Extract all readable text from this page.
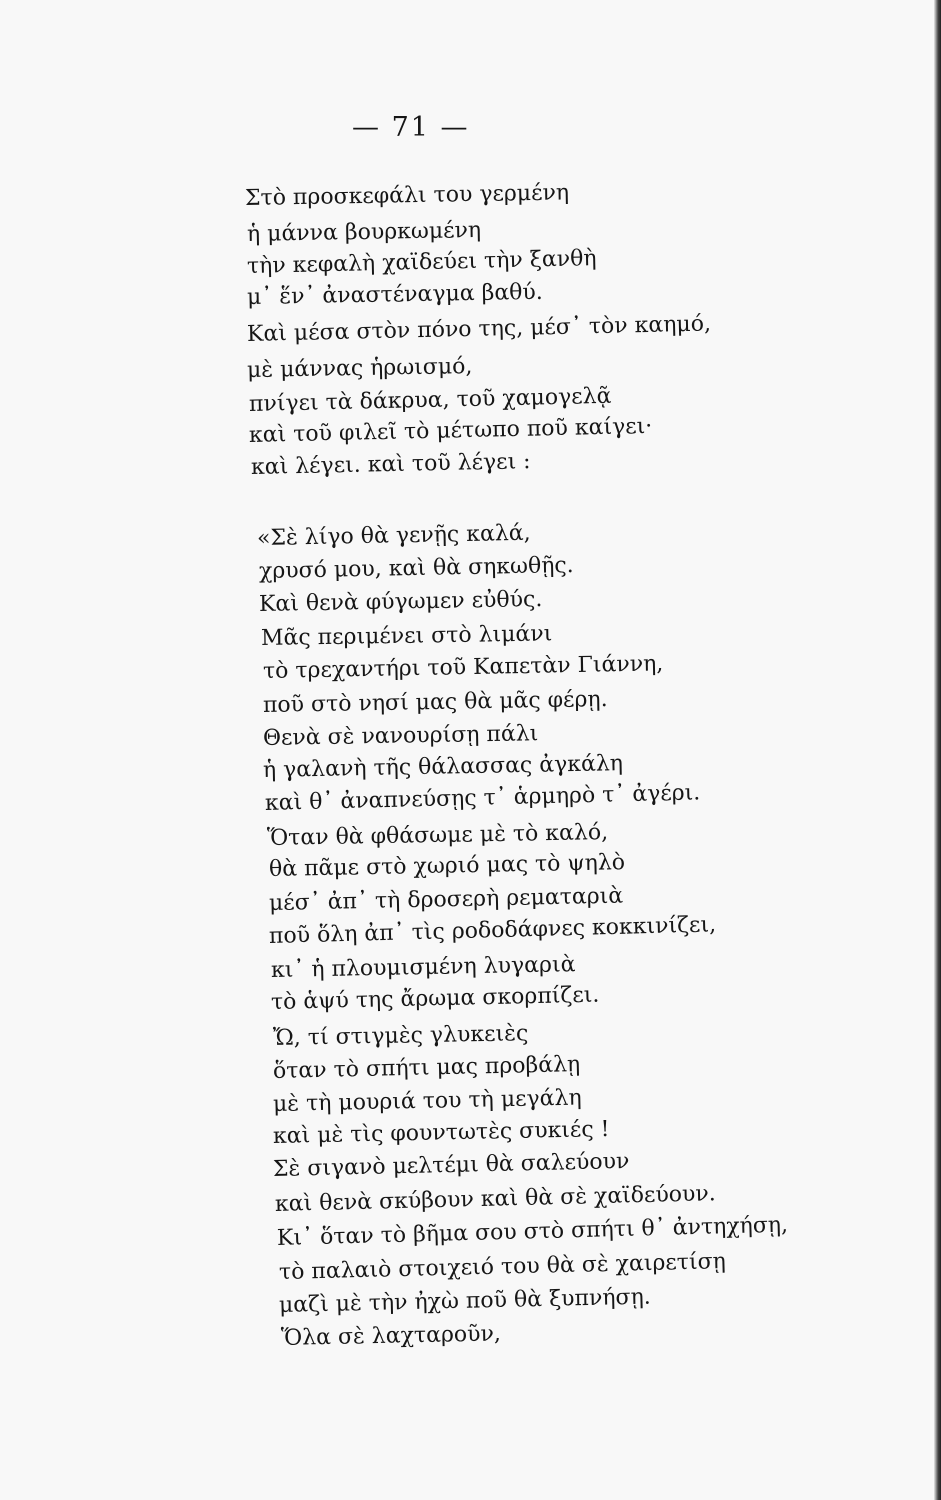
— 71 —
Στὸ προσκεφάλι του γερμένη
ἡ μάννα βουρκωμένη
τὴν κεφαλὴ χαϊδεύει τὴν ξανθὴ
μ᾽ ἕν᾽ ἀναστέναγμα βαθύ.
Καὶ μέσα στὸν πόνο της, μέσ᾽ τὸν καημό,
μὲ μάννας ἡρωισμό,
πνίγει τὰ δάκρυα, τοῦ χαμογελᾷ
καὶ τοῦ φιλεῖ τὸ μέτωπο ποῦ καίγει·
καὶ λέγει. καὶ τοῦ λέγει :
«Σὲ λίγο θὰ γενῇς καλά,
χρυσό μου, καὶ θὰ σηκωθῇς.
Καὶ θενὰ φύγωμεν εὐθύς.
Μᾶς περιμένει στὸ λιμάνι
τὸ τρεχαντήρι τοῦ Καπετὰν Γιάννη,
ποῦ στὸ νησί μας θὰ μᾶς φέρῃ.
Θενὰ σὲ νανουρίσῃ πάλι
ἡ γαλανὴ τῆς θάλασσας ἀγκάλη
καὶ θ᾽ ἀναπνεύσῃς τ᾽ ἁρμηρὸ τ᾽ ἀγέρι.
Ὅταν θὰ φθάσωμε μὲ τὸ καλό,
θὰ πᾶμε στὸ χωριό μας τὸ ψηλὸ
μέσ᾽ ἀπ᾽ τὴ δροσερὴ ρεματαριὰ
ποῦ ὅλη ἀπ᾽ τὶς ροδοδάφνες κοκκινίζει,
κι᾽ ἡ πλουμισμένη λυγαριὰ
τὸ ἁψύ της ἄρωμα σκορπίζει.
Ὤ, τί στιγμὲς γλυκειὲς
ὅταν τὸ σπήτι μας προβάλῃ
μὲ τὴ μουριά του τὴ μεγάλη
καὶ μὲ τὶς φουντωτὲς συκιές !
Σὲ σιγανὸ μελτέμι θὰ σαλεύουν
καὶ θενὰ σκύβουν καὶ θὰ σὲ χαϊδεύουν.
Κι᾽ ὅταν τὸ βῆμα σου στὸ σπήτι θ᾽ ἀντηχήσῃ,
τὸ παλαιὸ στοιχειό του θὰ σὲ χαιρετίσῃ
μαζὶ μὲ τὴν ἠχὼ ποῦ θὰ ξυπνήσῃ.
Ὅλα σὲ λαχταροῦν,
